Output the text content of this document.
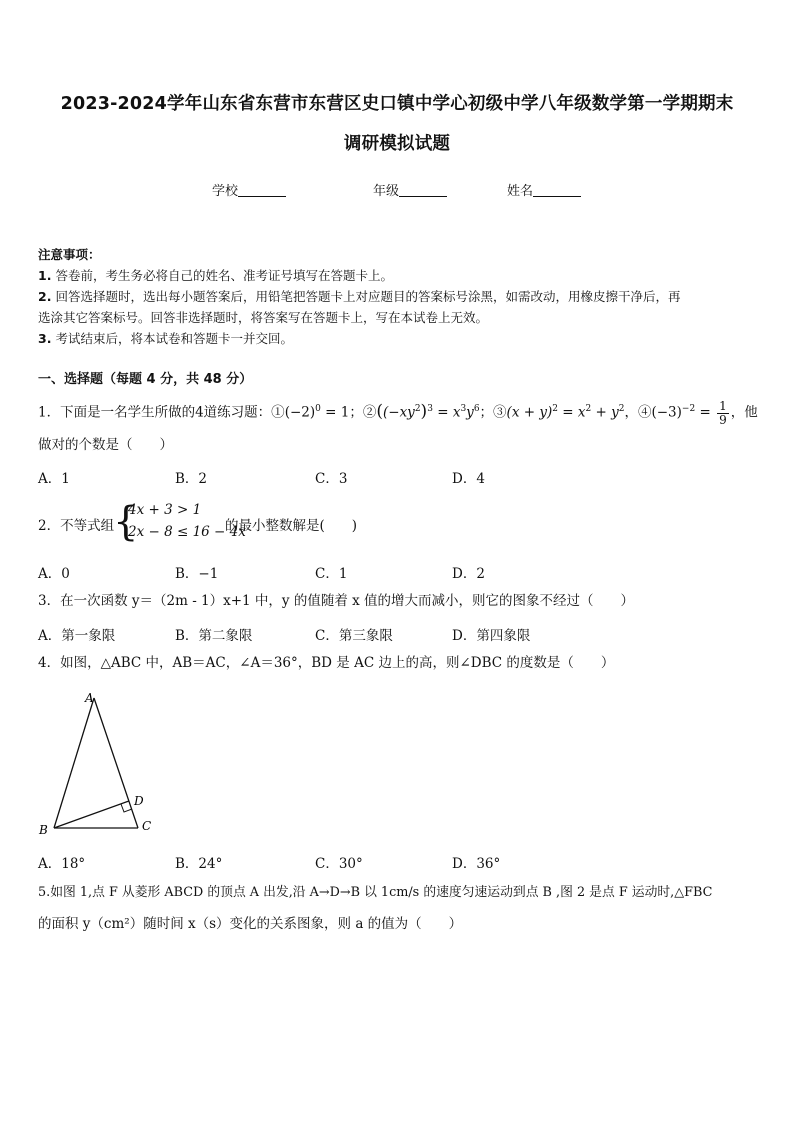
2023-2024学年山东省东营市东营区史口镇中学心初级中学八年级数学第一学期期末
调研模拟试题
学校	年级	姓名
注意事项：
1. 答卷前，考生务必将自己的姓名、准考证号填写在答题卡上。
2. 回答选择题时，选出每小题答案后，用铅笔把答题卡上对应题目的答案标号涂黑，如需改动，用橡皮擦干净后，再
选涂其它答案标号。回答非选择题时，将答案写在答题卡上，写在本试卷上无效。
3. 考试结束后，将本试卷和答题卡一并交回。
一、选择题（每题 4 分，共 48 分）
1．下面是一名学生所做的4道练习题：$①(-2)^0 = 1$；$②((-xy^2)^3 = x^3y^6$；③(x + $y)^2 = x^2 + y^2$，$④(-3)^{-2} = \frac{1}{9}$ ，他
做对的个数是（　　）
A．1	B．2	C．3	D．4
2．不等式组
{
4x + 3 > 1
2x − 8 ≤ 16 − 4x
的最小整数解是(　　)
A．0	B．−1	C．1	D．2
3．在一次函数 y＝（2m - 1）x+1 中，y 的值随着 x 值的增大而减小，则它的图象不经过（　　）
A．第一象限	B．第二象限	C．第三象限	D．第四象限
4．如图，△ABC 中，AB＝AC，∠A＝36°，BD 是 AC 边上的高，则∠DBC 的度数是（　　）
A
B	C
D
A．18°	B．24°	C．30°	D．36°
5.如图 1,点 F 从菱形 ABCD 的顶点 A 出发,沿 A→D→B 以 1cm/s 的速度匀速运动到点 B ,图 2 是点 F 运动时,△FBC
的面积 y（cm²）随时间 x（s）变化的关系图象，则 a 的值为（　　）
